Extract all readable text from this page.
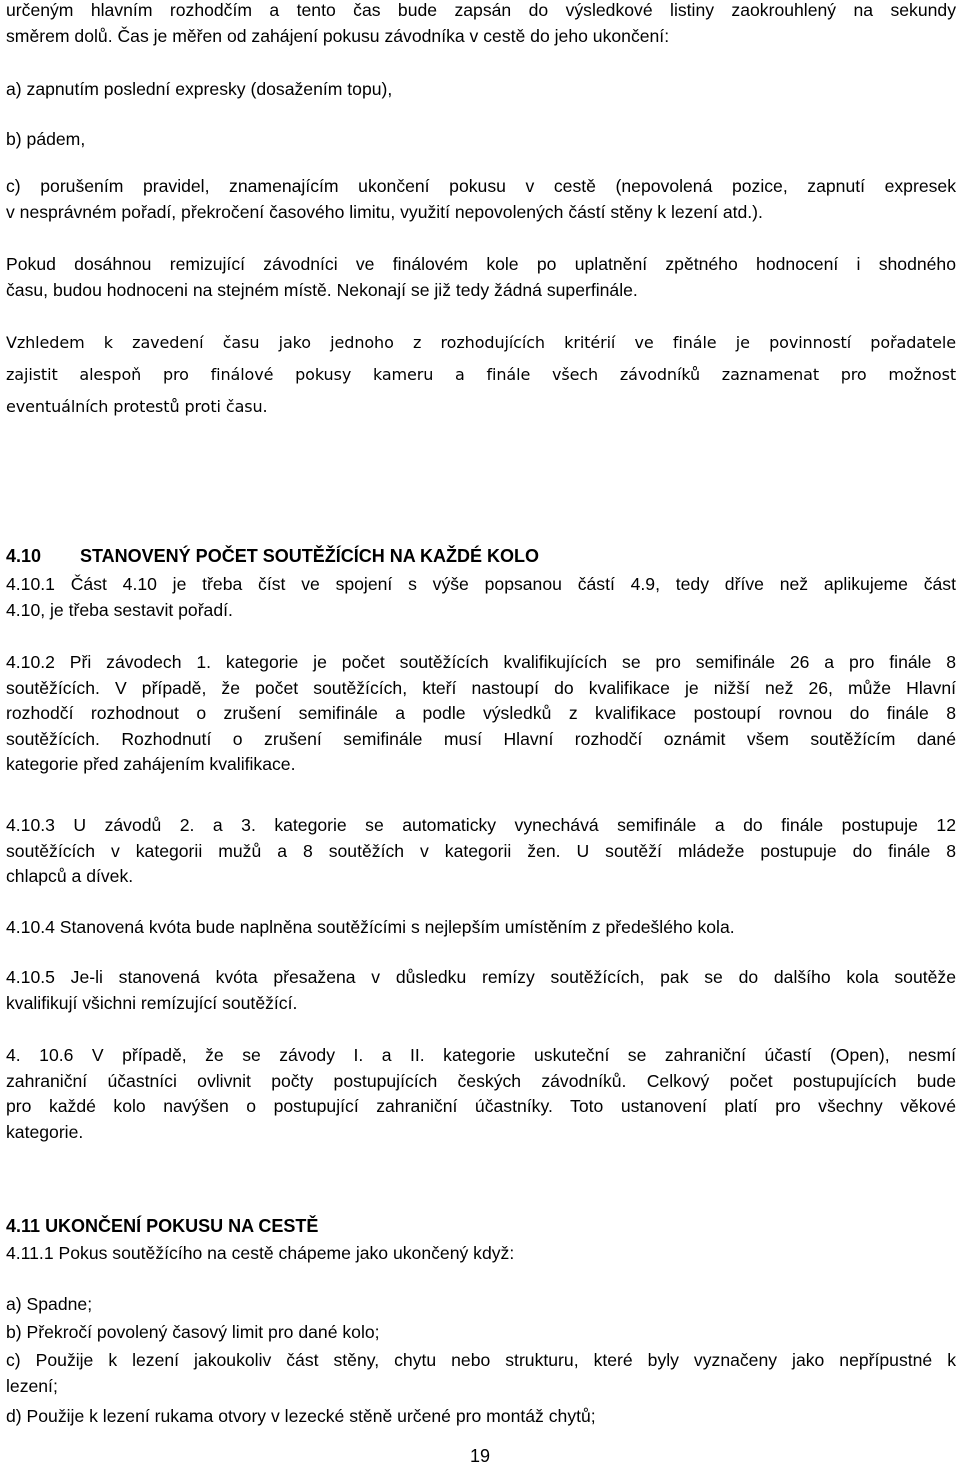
určeným hlavním rozhodčím a tento čas bude zapsán do výsledkové listiny zaokrouhlený na sekundy
směrem dolů. Čas je měřen od zahájení pokusu závodníka v cestě do jeho ukončení:

a) zapnutím poslední expresky (dosažením topu),

b) pádem,

c) porušením pravidel, znamenajícím ukončení pokusu v cestě (nepovolená pozice, zapnutí expresek
v nesprávném pořadí, překročení časového limitu, využití nepovolených částí stěny k lezení atd.).

Pokud dosáhnou remizující závodníci ve finálovém kole po uplatnění zpětného hodnocení i shodného
času, budou hodnoceni na stejném místě. Nekonají se již tedy žádná superfinále.

Vzhledem k zavedení času jako jednoho z rozhodujících kritérií ve finále je povinností pořadatele
zajistit alespoň pro finálové pokusy kameru a finále všech závodníků zaznamenat pro možnost
eventuálních protestů proti času.

4.10 STANOVENÝ POČET SOUTĚŽÍCÍCH NA KAŽDÉ KOLO

4.10.1 Část 4.10 je třeba číst ve spojení s výše popsanou částí 4.9, tedy dříve než aplikujeme část
4.10, je třeba sestavit pořadí.

4.10.2 Při závodech 1. kategorie je počet soutěžících kvalifikujících se pro semifinále 26 a pro finále 8
soutěžících. V případě, že počet soutěžících, kteří nastoupí do kvalifikace je nižší než 26, může Hlavní
rozhodčí rozhodnout o zrušení semifinále a podle výsledků z kvalifikace postoupí rovnou do finále 8
soutěžících. Rozhodnutí o zrušení semifinále musí Hlavní rozhodčí oznámit všem soutěžícím dané
kategorie před zahájením kvalifikace.

4.10.3 U závodů 2. a 3. kategorie se automaticky vynechává semifinále a do finále postupuje 12
soutěžících v kategorii mužů a 8 soutěžích v kategorii žen. U soutěží mládeže postupuje do finále 8
chlapců a dívek.

4.10.4 Stanovená kvóta bude naplněna soutěžícími s nejlepším umístěním z předešlého kola.

4.10.5 Je-li stanovená kvóta přesažena v důsledku remízy soutěžících, pak se do dalšího kola soutěže
kvalifikují všichni remízující soutěžící.

4. 10.6 V případě, že se závody I. a II. kategorie uskuteční se zahraniční účastí (Open), nesmí
zahraniční účastníci ovlivnit počty postupujících českých závodníků. Celkový počet postupujících bude
pro každé kolo navýšen o postupující zahraniční účastníky. Toto ustanovení platí pro všechny věkové
kategorie.

4.11 UKONČENÍ POKUSU NA CESTĚ

4.11.1 Pokus soutěžícího na cestě chápeme jako ukončený když:

a) Spadne;

b) Překročí povolený časový limit pro dané kolo;

c) Použije k lezení jakoukoliv část stěny, chytu nebo strukturu, které byly vyznačeny jako nepřípustné k
lezení;

d) Použije k lezení rukama otvory v lezecké stěně určené pro montáž chytů;

19
